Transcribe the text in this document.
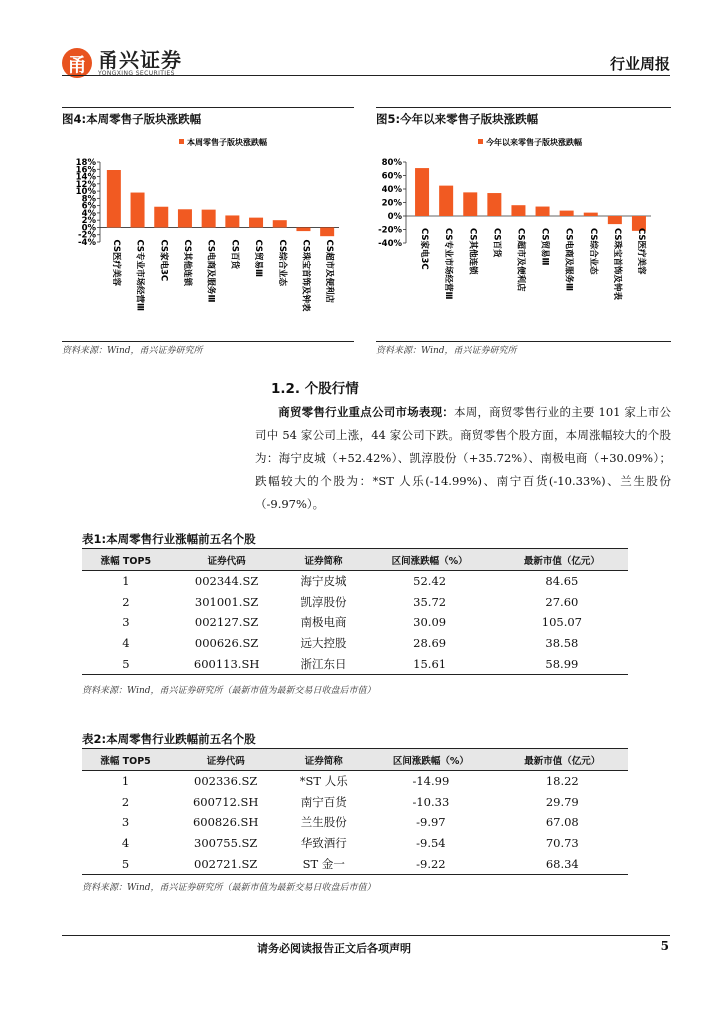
甬 甬兴证券
YONGXING SECURITIES	行业周报
图4:本周零售子版块涨跌幅
本周零售子版块涨跌幅
18%
16%
14%
12%
10%
8%
6%
4%
2%
0%
-2%
-4% CS医疗美容 CS专业市场经营Ⅲ CS家电3C CS其他连锁 CS电商及服务Ⅲ CS百货 CS贸易Ⅲ CS综合业态 CS珠宝首饰及钟表 CS超市及便利店
资料来源：Wind，甬兴证券研究所
图5:今年以来零售子版块涨跌幅
今年以来零售子版块涨跌幅
80%
60%
40%
20%
0%
-20%
-40% CS家电3C CS专业市场经营Ⅲ CS其他连锁 CS百货 CS超市及便利店 CS贸易Ⅲ CS电商及服务Ⅲ CS综合业态 CS珠宝首饰及钟表 CS医疗美容
资料来源：Wind，甬兴证券研究所
1.2. 个股行情
商贸零售行业重点公司市场表现：本周，商贸零售行业的主要 101 家上市公司中 54 家公司上涨，44 家公司下跌。商贸零售个股方面，本周涨幅较大的个股为：海宁皮城（+52.42%）、凯淳股份（+35.72%）、南极电商（+30.09%）；跌幅较大的个股为：*ST 人乐(-14.99%)、南宁百货(-10.33%)、兰生股份（-9.97%）。
表1:本周零售行业涨幅前五名个股
涨幅 TOP5	证券代码	证券简称	区间涨跌幅（%）	最新市值（亿元）
1	002344.SZ	海宁皮城	52.42	84.65
2	301001.SZ	凯淳股份	35.72	27.60
3	002127.SZ	南极电商	30.09	105.07
4	000626.SZ	远大控股	28.69	38.58
5	600113.SH	浙江东日	15.61	58.99
资料来源：Wind，甬兴证券研究所（最新市值为最新交易日收盘后市值）
表2:本周零售行业跌幅前五名个股
涨幅 TOP5	证券代码	证券简称	区间涨跌幅（%）	最新市值（亿元）
1	002336.SZ	*ST 人乐	-14.99	18.22
2	600712.SH	南宁百货	-10.33	29.79
3	600826.SH	兰生股份	-9.97	67.08
4	300755.SZ	华致酒行	-9.54	70.73
5	002721.SZ	ST 金一	-9.22	68.34
资料来源：Wind，甬兴证券研究所（最新市值为最新交易日收盘后市值）
请务必阅读报告正文后各项声明	5
